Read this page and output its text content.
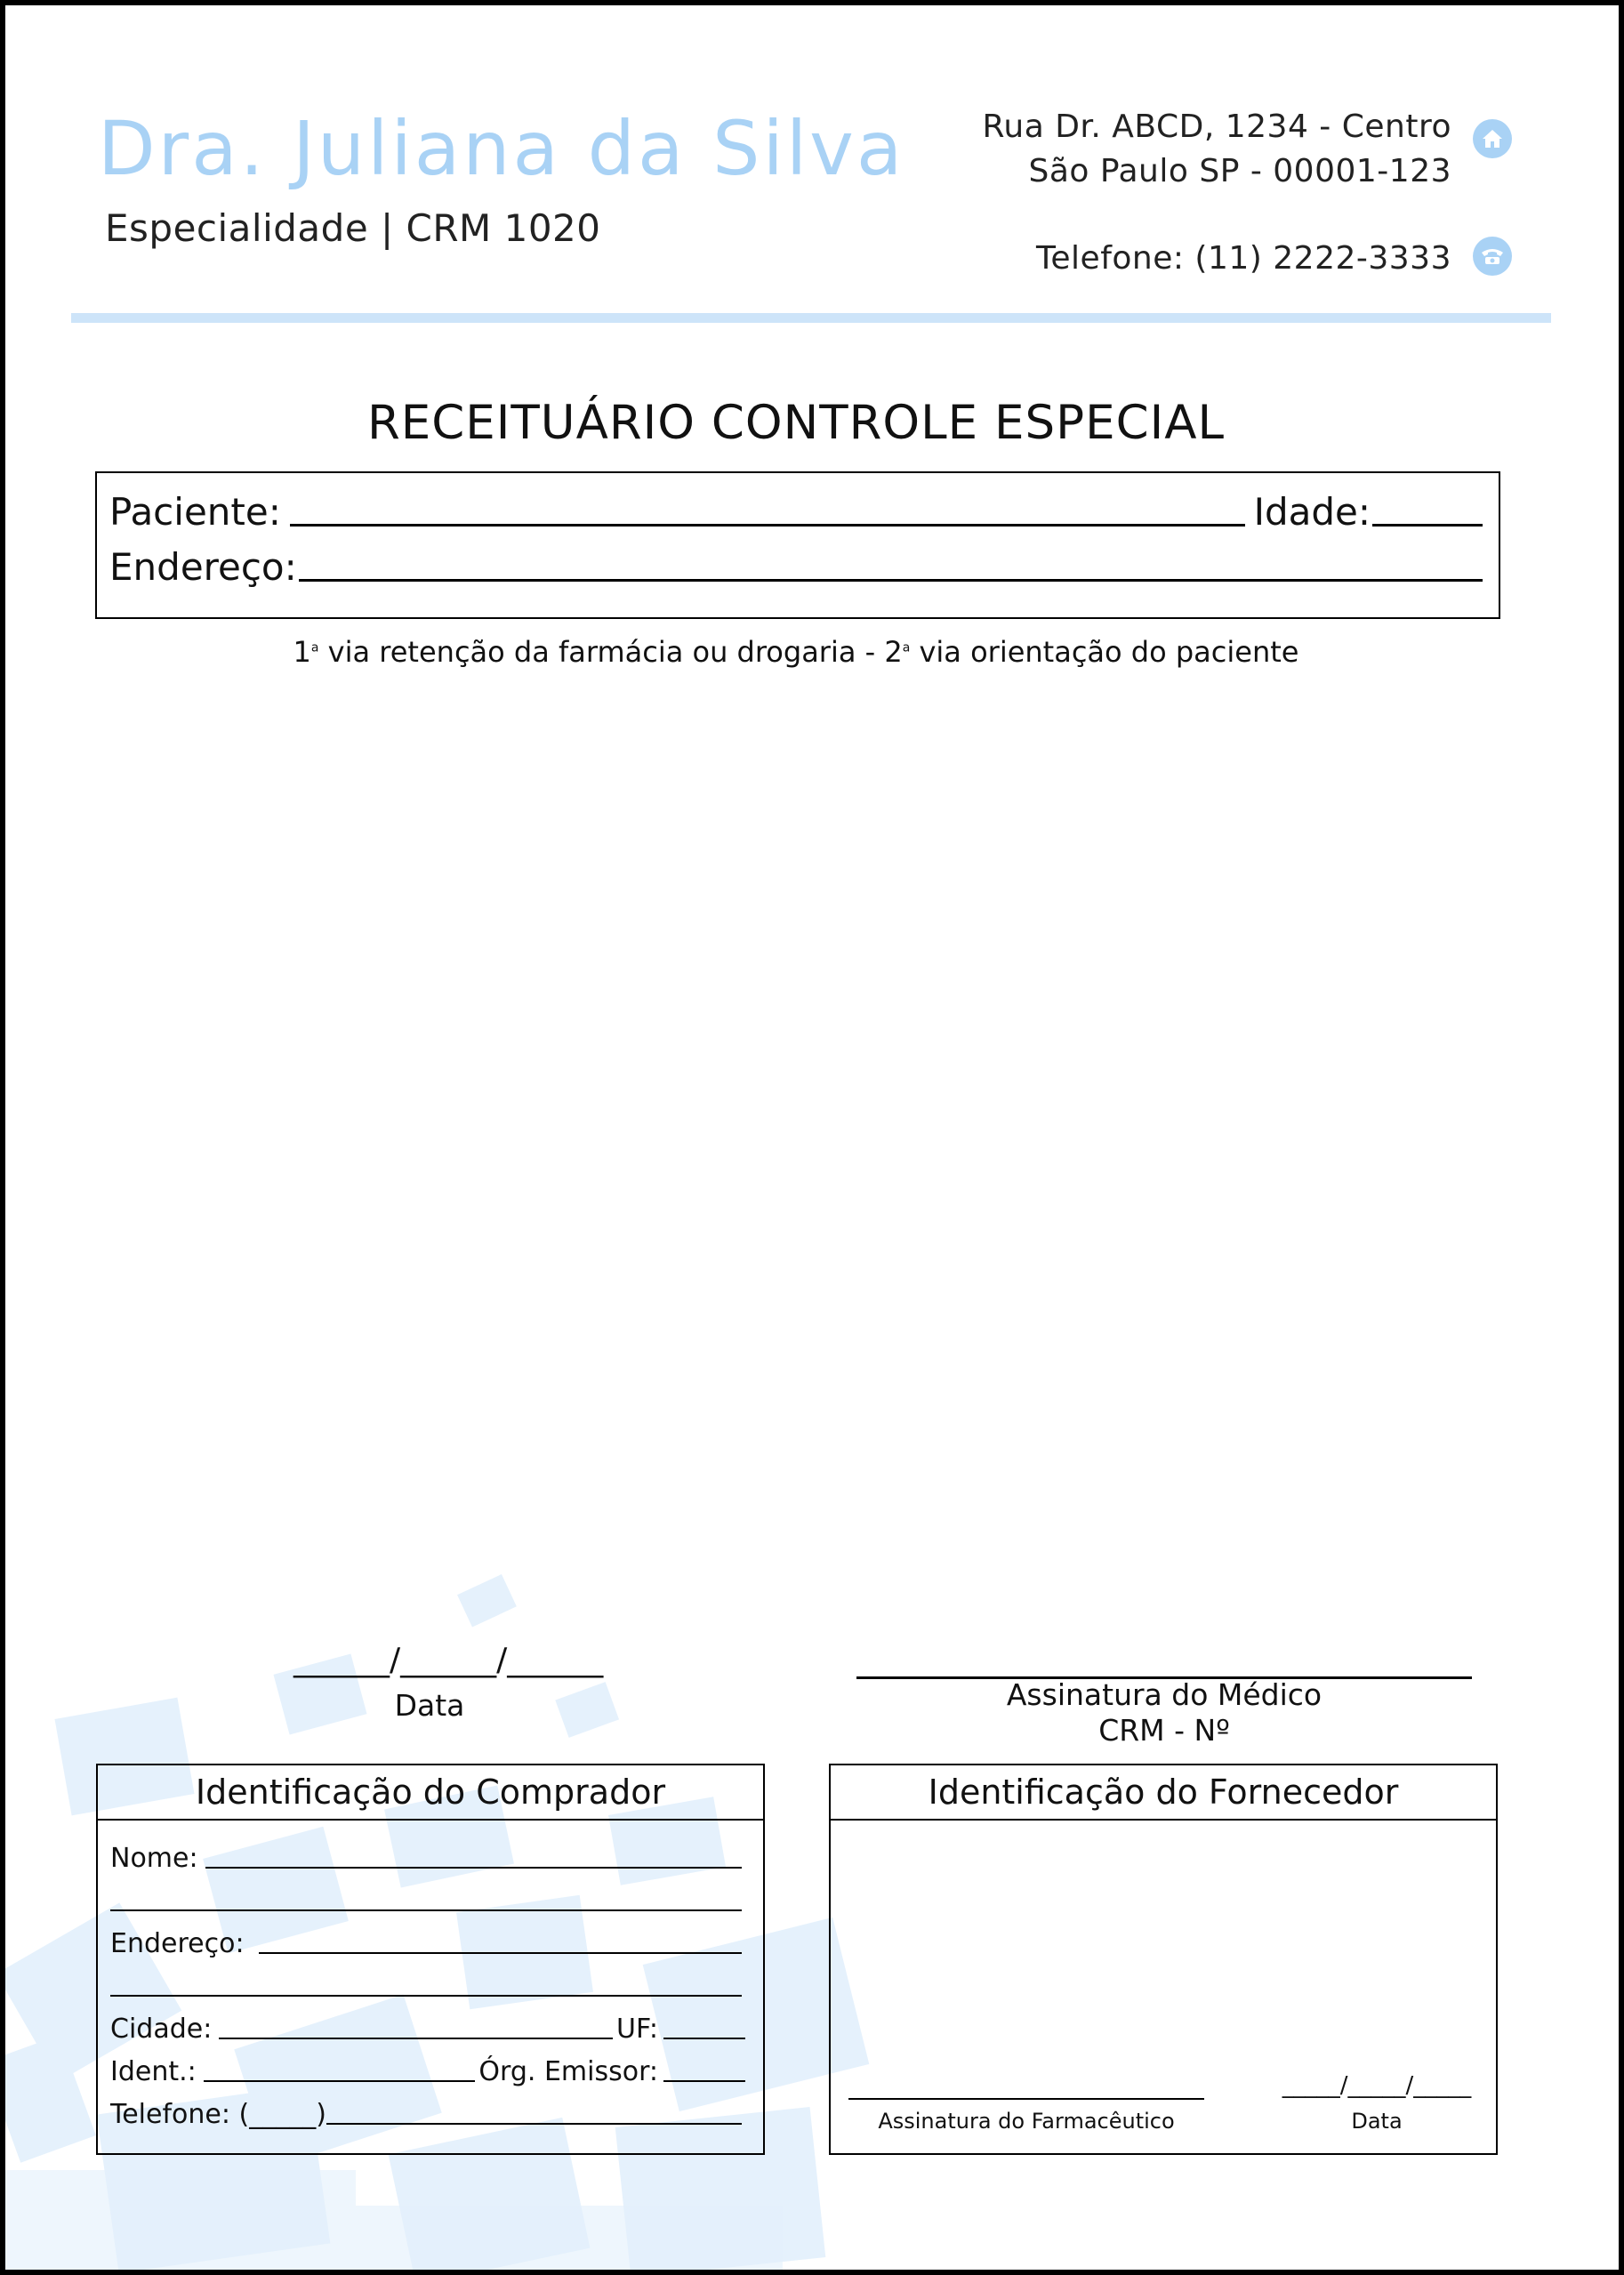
Dra. Juliana da Silva
Especialidade | CRM 1020
Rua Dr. ABCD, 1234 - Centro
São Paulo SP - 00001-123
Telefone: (11) 2222-3333
RECEITUÁRIO CONTROLE ESPECIAL
Paciente:	Idade:
Endereço:
1$^a$ via retenção da farmácia ou drogaria - 2$^a$ via orientação do paciente
______/______/______
Data	Assinatura do Médico
CRM - Nº
Identificação do Comprador
Nome:
Endereço:
Cidade:	UF:
Ident.:	Órg. Emissor:
Telefone: ( _____ )
Identificação do Fornecedor
Assinatura do Farmacêutico
_____/_____/_____
Data
